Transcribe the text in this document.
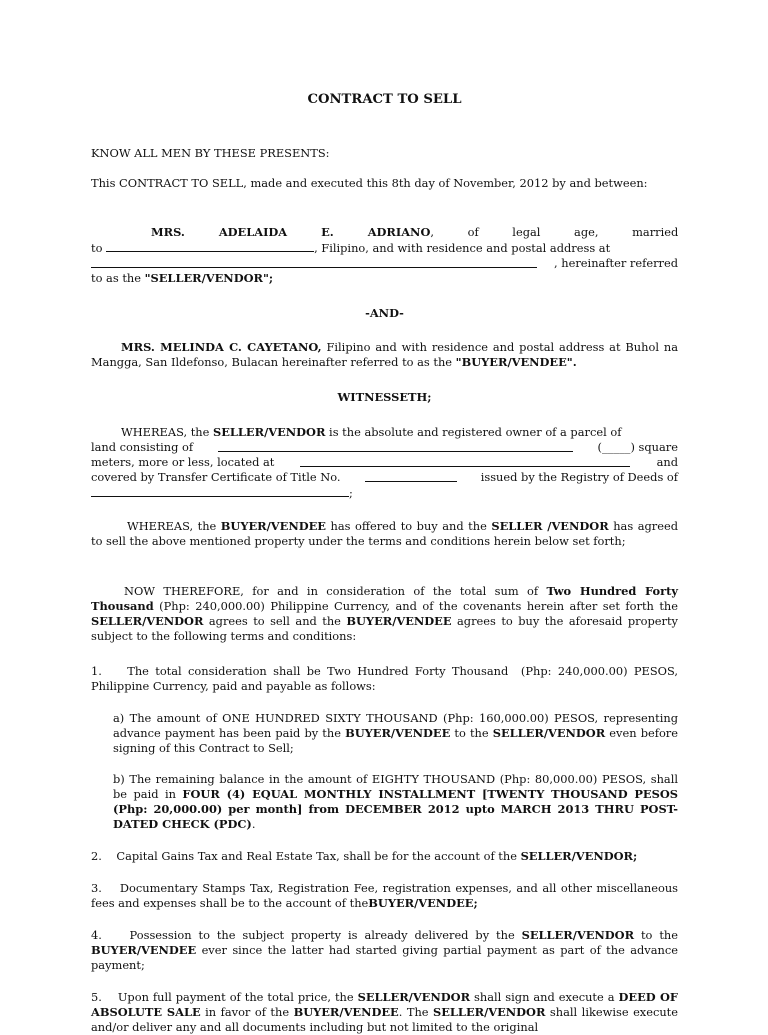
CONTRACT TO SELL
KNOW ALL MEN BY THESE PRESENTS:
This CONTRACT TO SELL, made and executed this 8th day of November, 2012 by and between:
MRS. ADELAIDA E. ADRIANO , of legal age, married
to	, Filipino, and with residence and postal address at
, hereinafter referred
to as the "SELLER/VENDOR";
-AND-
MRS. MELINDA C. CAYETANO, Filipino and with residence and postal address at Buhol na Mangga, San Ildefonso, Bulacan hereinafter referred to as the "BUYER/VENDEE".
WITNESSETH;
WHEREAS, the SELLER/VENDOR is the absolute and registered owner of a parcel of
land consisting of	(_____) square
meters, more or less, located at	and
covered by Transfer Certificate of Title No.	issued by the Registry of Deeds of
;
WHEREAS, the BUYER/VENDEE has offered to buy and the SELLER /VENDOR has agreed to sell the above mentioned property under the terms and conditions herein below set forth;
NOW THEREFORE, for and in consideration of the total sum of Two Hundred Forty Thousand (Php: 240,000.00) Philippine Currency, and of the covenants herein after set forth the SELLER/VENDOR agrees to sell and the BUYER/VENDEE agrees to buy the aforesaid property subject to the following terms and conditions:
1.    The total consideration shall be Two Hundred Forty Thousand  (Php: 240,000.00) PESOS, Philippine Currency, paid and payable as follows:
a) The amount of ONE HUNDRED SIXTY THOUSAND (Php: 160,000.00) PESOS, representing advance payment has been paid by the BUYER/VENDEE to the SELLER/VENDOR even before signing of this Contract to Sell;
b) The remaining balance in the amount of EIGHTY THOUSAND (Php: 80,000.00) PESOS, shall be paid in FOUR (4) EQUAL MONTHLY INSTALLMENT [TWENTY THOUSAND PESOS (Php: 20,000.00) per month] from DECEMBER 2012 upto MARCH 2013 THRU POST-DATED CHECK (PDC).
2.    Capital Gains Tax and Real Estate Tax, shall be for the account of the SELLER/VENDOR;
3.    Documentary Stamps Tax, Registration Fee, registration expenses, and all other miscellaneous fees and expenses shall be to the account of theBUYER/VENDEE;
4.    Possession to the subject property is already delivered by the SELLER/VENDOR to the BUYER/VENDEE ever since the latter had started giving partial payment as part of the advance payment;
5.    Upon full payment of the total price, the SELLER/VENDOR shall sign and execute a DEED OF ABSOLUTE SALE in favor of the BUYER/VENDEE. The SELLER/VENDOR shall likewise execute and/or deliver any and all documents including but not limited to the original
